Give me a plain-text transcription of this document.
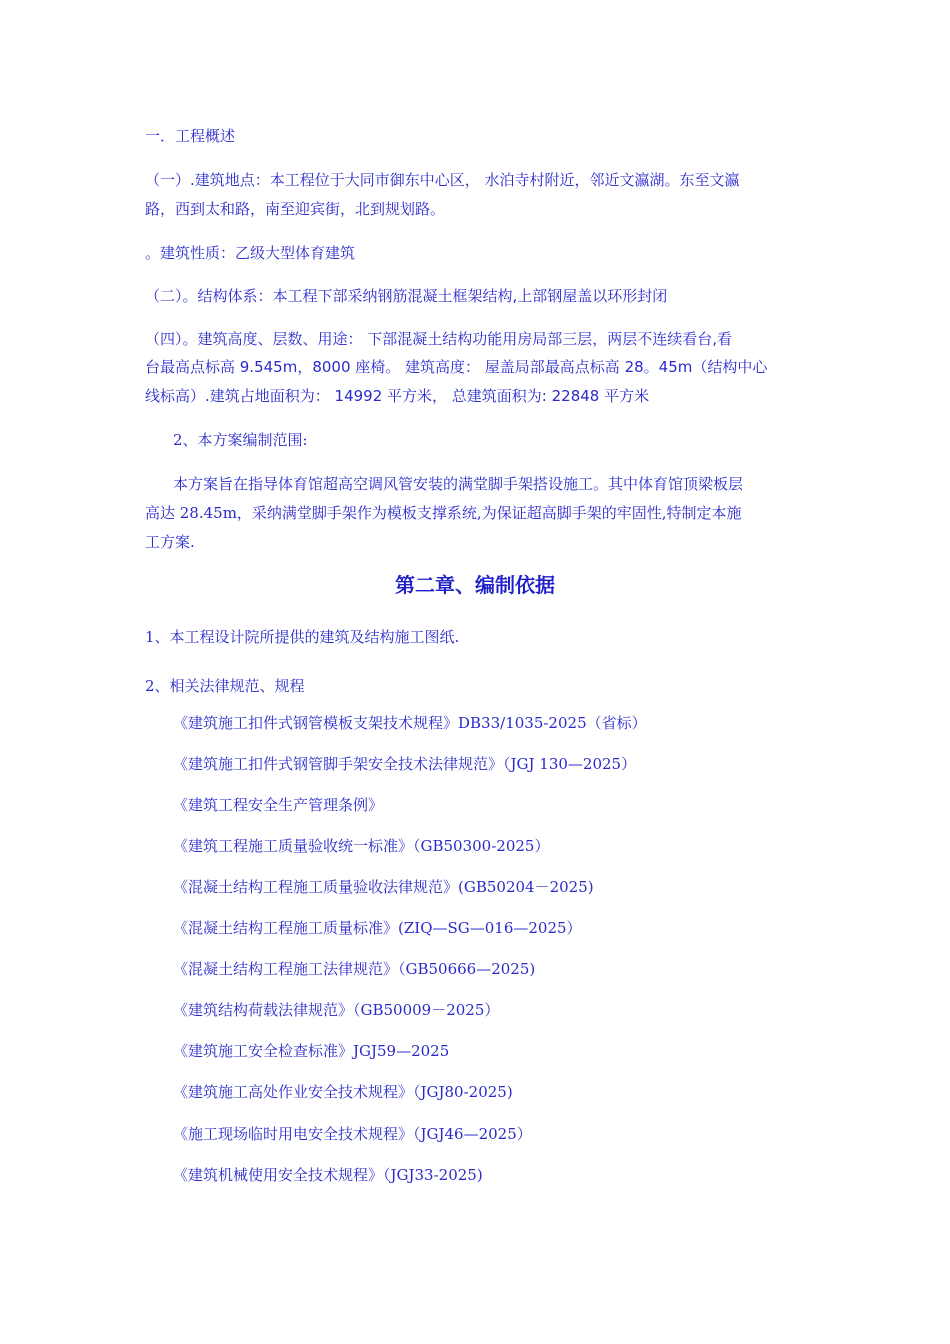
一．工程概述
（一）.建筑地点：本工程位于大同市御东中心区， 水泊寺村附近，邻近文瀛湖。东至文瀛
路，西到太和路，南至迎宾街，北到规划路。
。建筑性质：乙级大型体育建筑
（二）。结构体系：本工程下部采纳钢筋混凝土框架结构,上部钢屋盖以环形封闭
（四）。建筑高度、层数、用途： 下部混凝土结构功能用房局部三层，两层不连续看台,看
台最高点标高 9.545m，8000 座椅。 建筑高度： 屋盖局部最高点标高 28。45m（结构中心
线标高）.建筑占地面积为： 14992 平方米， 总建筑面积为: 22848 平方米
2、本方案编制范围:
本方案旨在指导体育馆超高空调风管安装的满堂脚手架搭设施工。其中体育馆顶梁板层
高达 28.45m，采纳满堂脚手架作为模板支撑系统,为保证超高脚手架的牢固性,特制定本施
工方案.
第二章、编制依据
1、本工程设计院所提供的建筑及结构施工图纸.
2、相关法律规范、规程
《建筑施工扣件式钢管模板支架技术规程》DB33/1035-2025（省标）
《建筑施工扣件式钢管脚手架安全技术法律规范》（JGJ 130—2025）
《建筑工程安全生产管理条例》
《建筑工程施工质量验收统一标准》（GB50300-2025）
《混凝土结构工程施工质量验收法律规范》(GB50204－2025)
《混凝土结构工程施工质量标准》(ZIQ—SG—016—2025）
《混凝土结构工程施工法律规范》（GB50666—2025)
《建筑结构荷载法律规范》（GB50009－2025）
《建筑施工安全检查标准》JGJ59—2025
《建筑施工高处作业安全技术规程》（JGJ80-2025)
《施工现场临时用电安全技术规程》（JGJ46—2025）
《建筑机械使用安全技术规程》（JGJ33-2025)
